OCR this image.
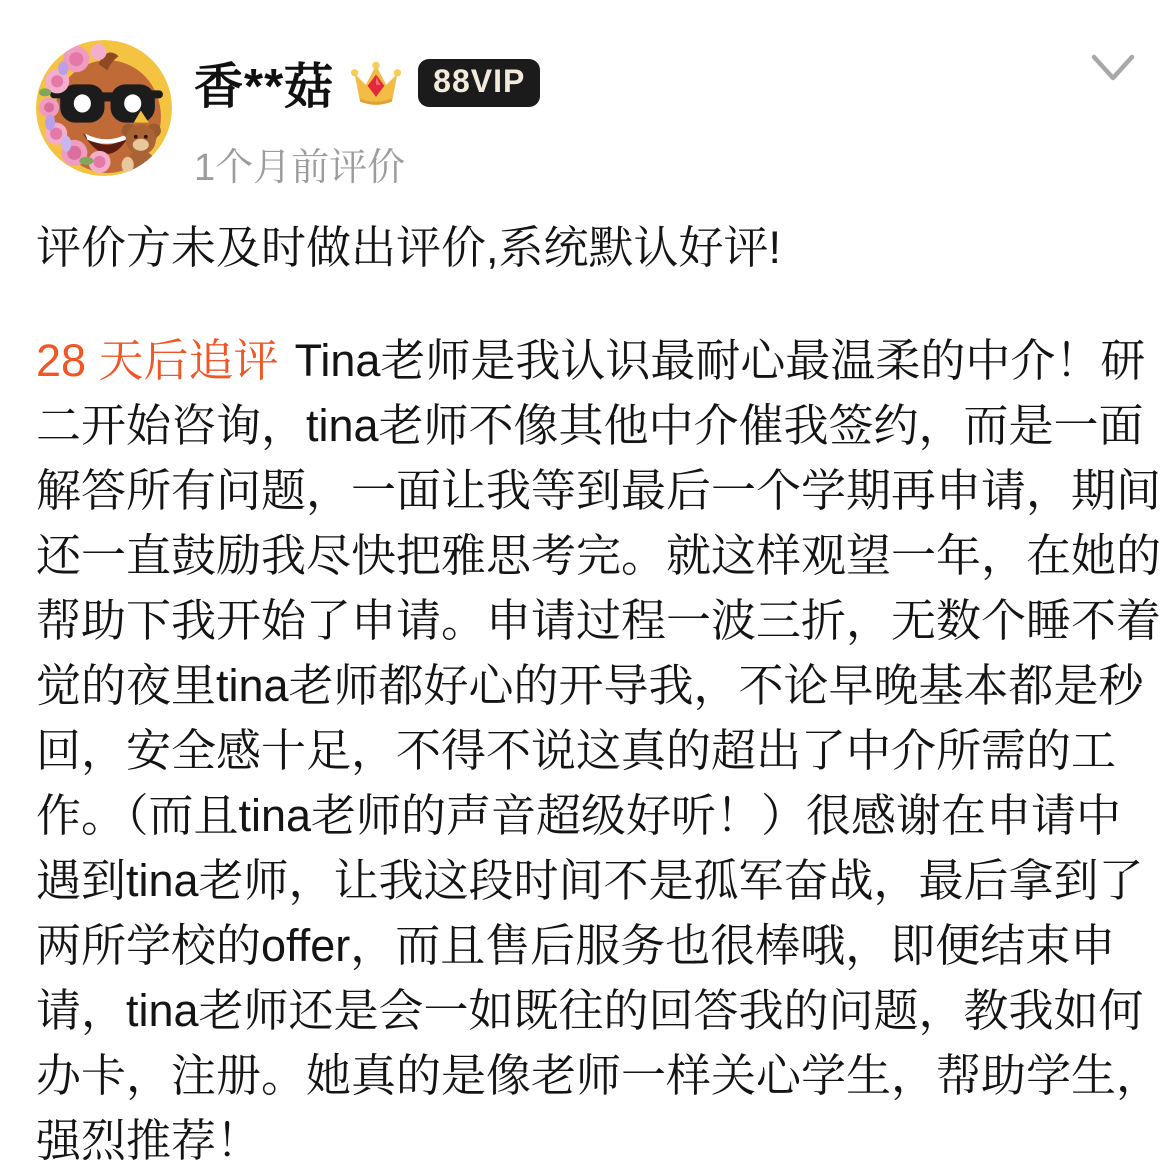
香**菇	88VIP
1个月前评价
评价方未及时做出评价,系统默认好评!
28 天后追评 Tina老师是我认识最耐心最温柔的中介！研
二开始咨询，tina老师不像其他中介催我签约，而是一面
解答所有问题，一面让我等到最后一个学期再申请，期间
还一直鼓励我尽快把雅思考完。就这样观望一年，在她的
帮助下我开始了申请。申请过程一波三折，无数个睡不着
觉的夜里tina老师都好心的开导我，不论早晚基本都是秒
回，安全感十足，不得不说这真的超出了中介所需的工
作。（而且tina老师的声音超级好听！）很感谢在申请中
遇到tina老师，让我这段时间不是孤军奋战，最后拿到了
两所学校的offer，而且售后服务也很棒哦，即便结束申
请，tina老师还是会一如既往的回答我的问题，教我如何
办卡，注册。她真的是像老师一样关心学生，帮助学生，
强烈推荐！
